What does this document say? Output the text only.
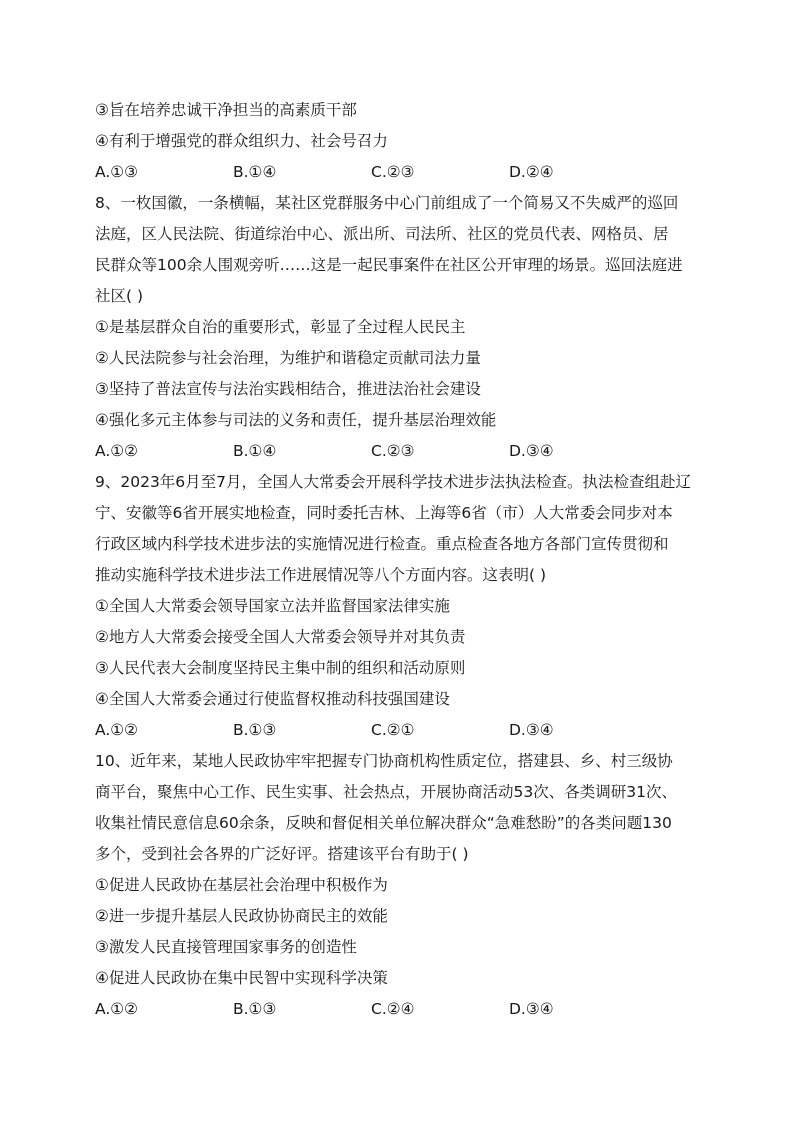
③旨在培养忠诚干净担当的高素质干部
④有利于增强党的群众组织力、社会号召力
A.①③	B.①④	C.②③	D.②④
8、一枚国徽，一条横幅，某社区党群服务中心门前组成了一个简易又不失威严的巡回
法庭，区人民法院、街道综治中心、派出所、司法所、社区的党员代表、网格员、居
民群众等100余人围观旁听……这是一起民事案件在社区公开审理的场景。巡回法庭进
社区( )
①是基层群众自治的重要形式，彰显了全过程人民民主
②人民法院参与社会治理，为维护和谐稳定贡献司法力量
③坚持了普法宣传与法治实践相结合，推进法治社会建设
④强化多元主体参与司法的义务和责任，提升基层治理效能
A.①②	B.①④	C.②③	D.③④
9、2023年6月至7月，全国人大常委会开展科学技术进步法执法检查。执法检查组赴辽
宁、安徽等6省开展实地检查，同时委托吉林、上海等6省（市）人大常委会同步对本
行政区域内科学技术进步法的实施情况进行检查。重点检查各地方各部门宣传贯彻和
推动实施科学技术进步法工作进展情况等八个方面内容。这表明( )
①全国人大常委会领导国家立法并监督国家法律实施
②地方人大常委会接受全国人大常委会领导并对其负责
③人民代表大会制度坚持民主集中制的组织和活动原则
④全国人大常委会通过行使监督权推动科技强国建设
A.①②	B.①③	C.②①	D.③④
10、近年来，某地人民政协牢牢把握专门协商机构性质定位，搭建县、乡、村三级协
商平台，聚焦中心工作、民生实事、社会热点，开展协商活动53次、各类调研31次、
收集社情民意信息60余条，反映和督促相关单位解决群众“急难愁盼”的各类问题130
多个，受到社会各界的广泛好评。搭建该平台有助于( )
①促进人民政协在基层社会治理中积极作为
②进一步提升基层人民政协协商民主的效能
③激发人民直接管理国家事务的创造性
④促进人民政协在集中民智中实现科学决策
A.①②	B.①③	C.②④	D.③④
